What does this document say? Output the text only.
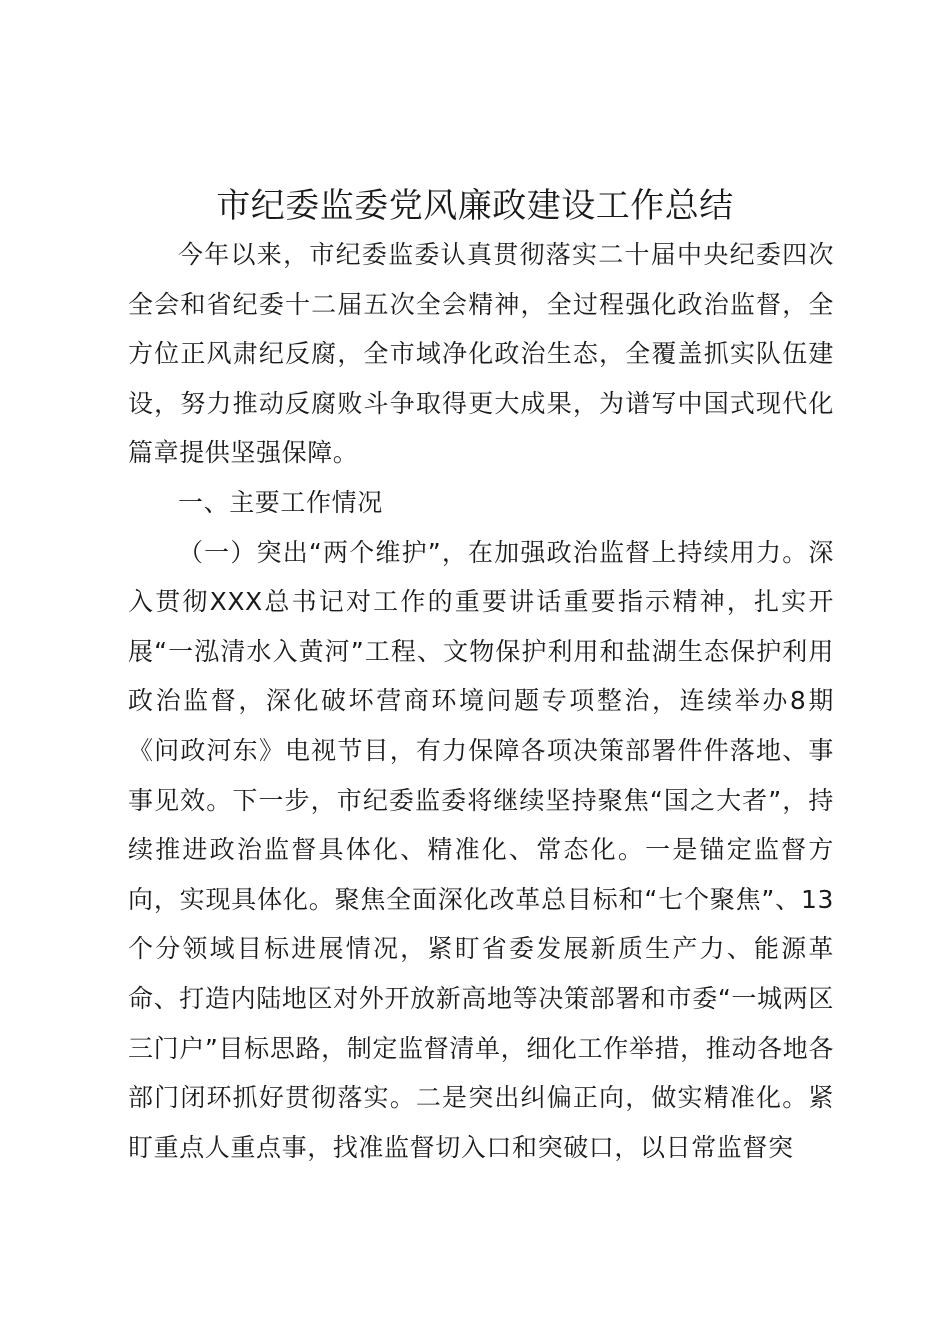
市纪委监委党风廉政建设工作总结

今年以来，市纪委监委认真贯彻落实二十届中央纪委四次全会和省纪委十二届五次全会精神，全过程强化政治监督，全方位正风肃纪反腐，全市域净化政治生态，全覆盖抓实队伍建设，努力推动反腐败斗争取得更大成果，为谱写中国式现代化篇章提供坚强保障。

一、主要工作情况

（一）突出“两个维护”，在加强政治监督上持续用力。深入贯彻XXX总书记对工作的重要讲话重要指示精神，扎实开展“一泓清水入黄河”工程、文物保护利用和盐湖生态保护利用政治监督，深化破坏营商环境问题专项整治，连续举办8期《问政河东》电视节目，有力保障各项决策部署件件落地、事事见效。下一步，市纪委监委将继续坚持聚焦“国之大者”，持续推进政治监督具体化、精准化、常态化。一是锚定监督方向，实现具体化。聚焦全面深化改革总目标和“七个聚焦”、13个分领域目标进展情况，紧盯省委发展新质生产力、能源革命、打造内陆地区对外开放新高地等决策部署和市委“一城两区三门户”目标思路，制定监督清单，细化工作举措，推动各地各部门闭环抓好贯彻落实。二是突出纠偏正向，做实精准化。紧盯重点人重点事，找准监督切入口和突破口，以日常监督突
